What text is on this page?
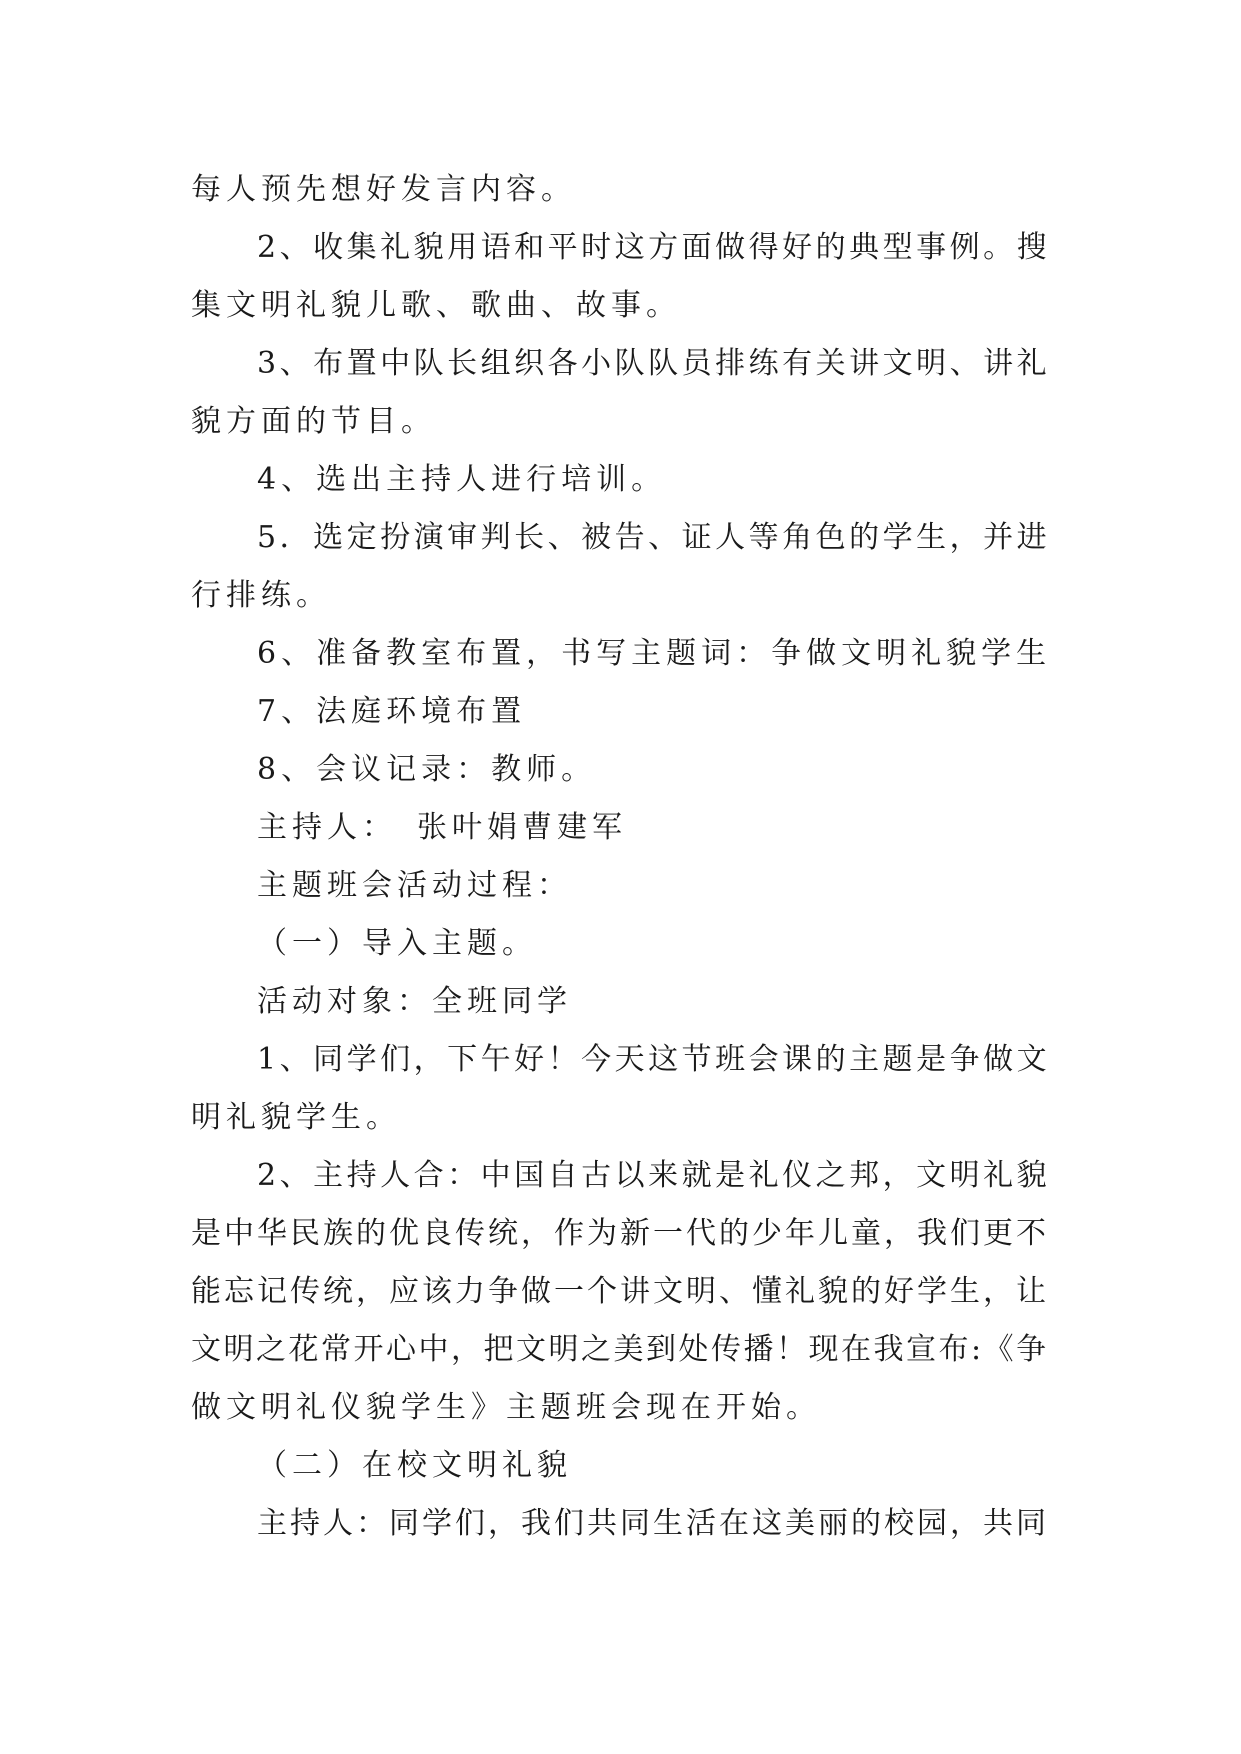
每人预先想好发言内容。
2、收集礼貌用语和平时这方面做得好的典型事例。搜
集文明礼貌儿歌、歌曲、故事。
3、布置中队长组织各小队队员排练有关讲文明、讲礼
貌方面的节目。
4、选出主持人进行培训。
5．选定扮演审判长、被告、证人等角色的学生，并进
行排练。
6、准备教室布置，书写主题词：争做文明礼貌学生
7、法庭环境布置
8、会议记录：教师。
主持人：　张叶娟曹建军
主题班会活动过程：
（一）导入主题。
活动对象：全班同学
1、同学们，下午好！今天这节班会课的主题是争做文
明礼貌学生。
2、主持人合：中国自古以来就是礼仪之邦，文明礼貌
是中华民族的优良传统，作为新一代的少年儿童，我们更不
能忘记传统，应该力争做一个讲文明、懂礼貌的好学生，让
文明之花常开心中，把文明之美到处传播！现在我宣布:《争
做文明礼仪貌学生》主题班会现在开始。
（二）在校文明礼貌
主持人：同学们，我们共同生活在这美丽的校园，共同
